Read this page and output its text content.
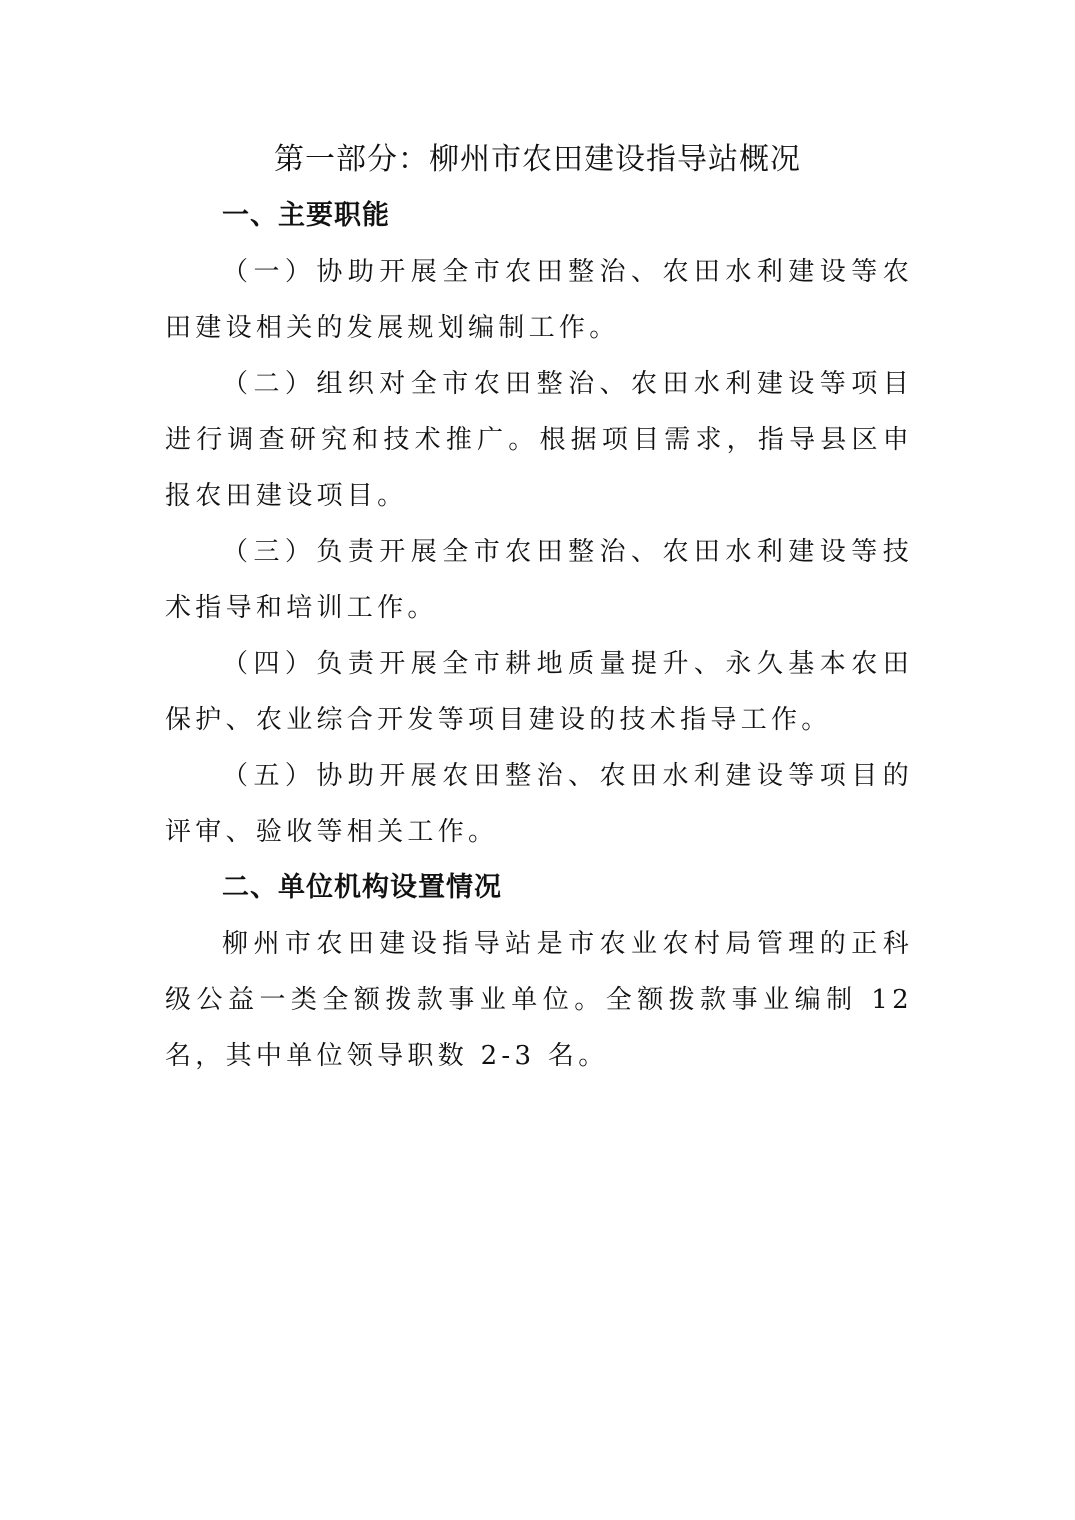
第一部分：柳州市农田建设指导站概况
一、主要职能

（一）协助开展全市农田整治、农田水利建设等农田建设相关的发展规划编制工作。

（二）组织对全市农田整治、农田水利建设等项目进行调查研究和技术推广。根据项目需求，指导县区申报农田建设项目。

（三）负责开展全市农田整治、农田水利建设等技术指导和培训工作。

（四）负责开展全市耕地质量提升、永久基本农田保护、农业综合开发等项目建设的技术指导工作。

（五）协助开展农田整治、农田水利建设等项目的评审、验收等相关工作。

二、单位机构设置情况

柳州市农田建设指导站是市农业农村局管理的正科级公益一类全额拨款事业单位。全额拨款事业编制 12 名，其中单位领导职数 2-3 名。
